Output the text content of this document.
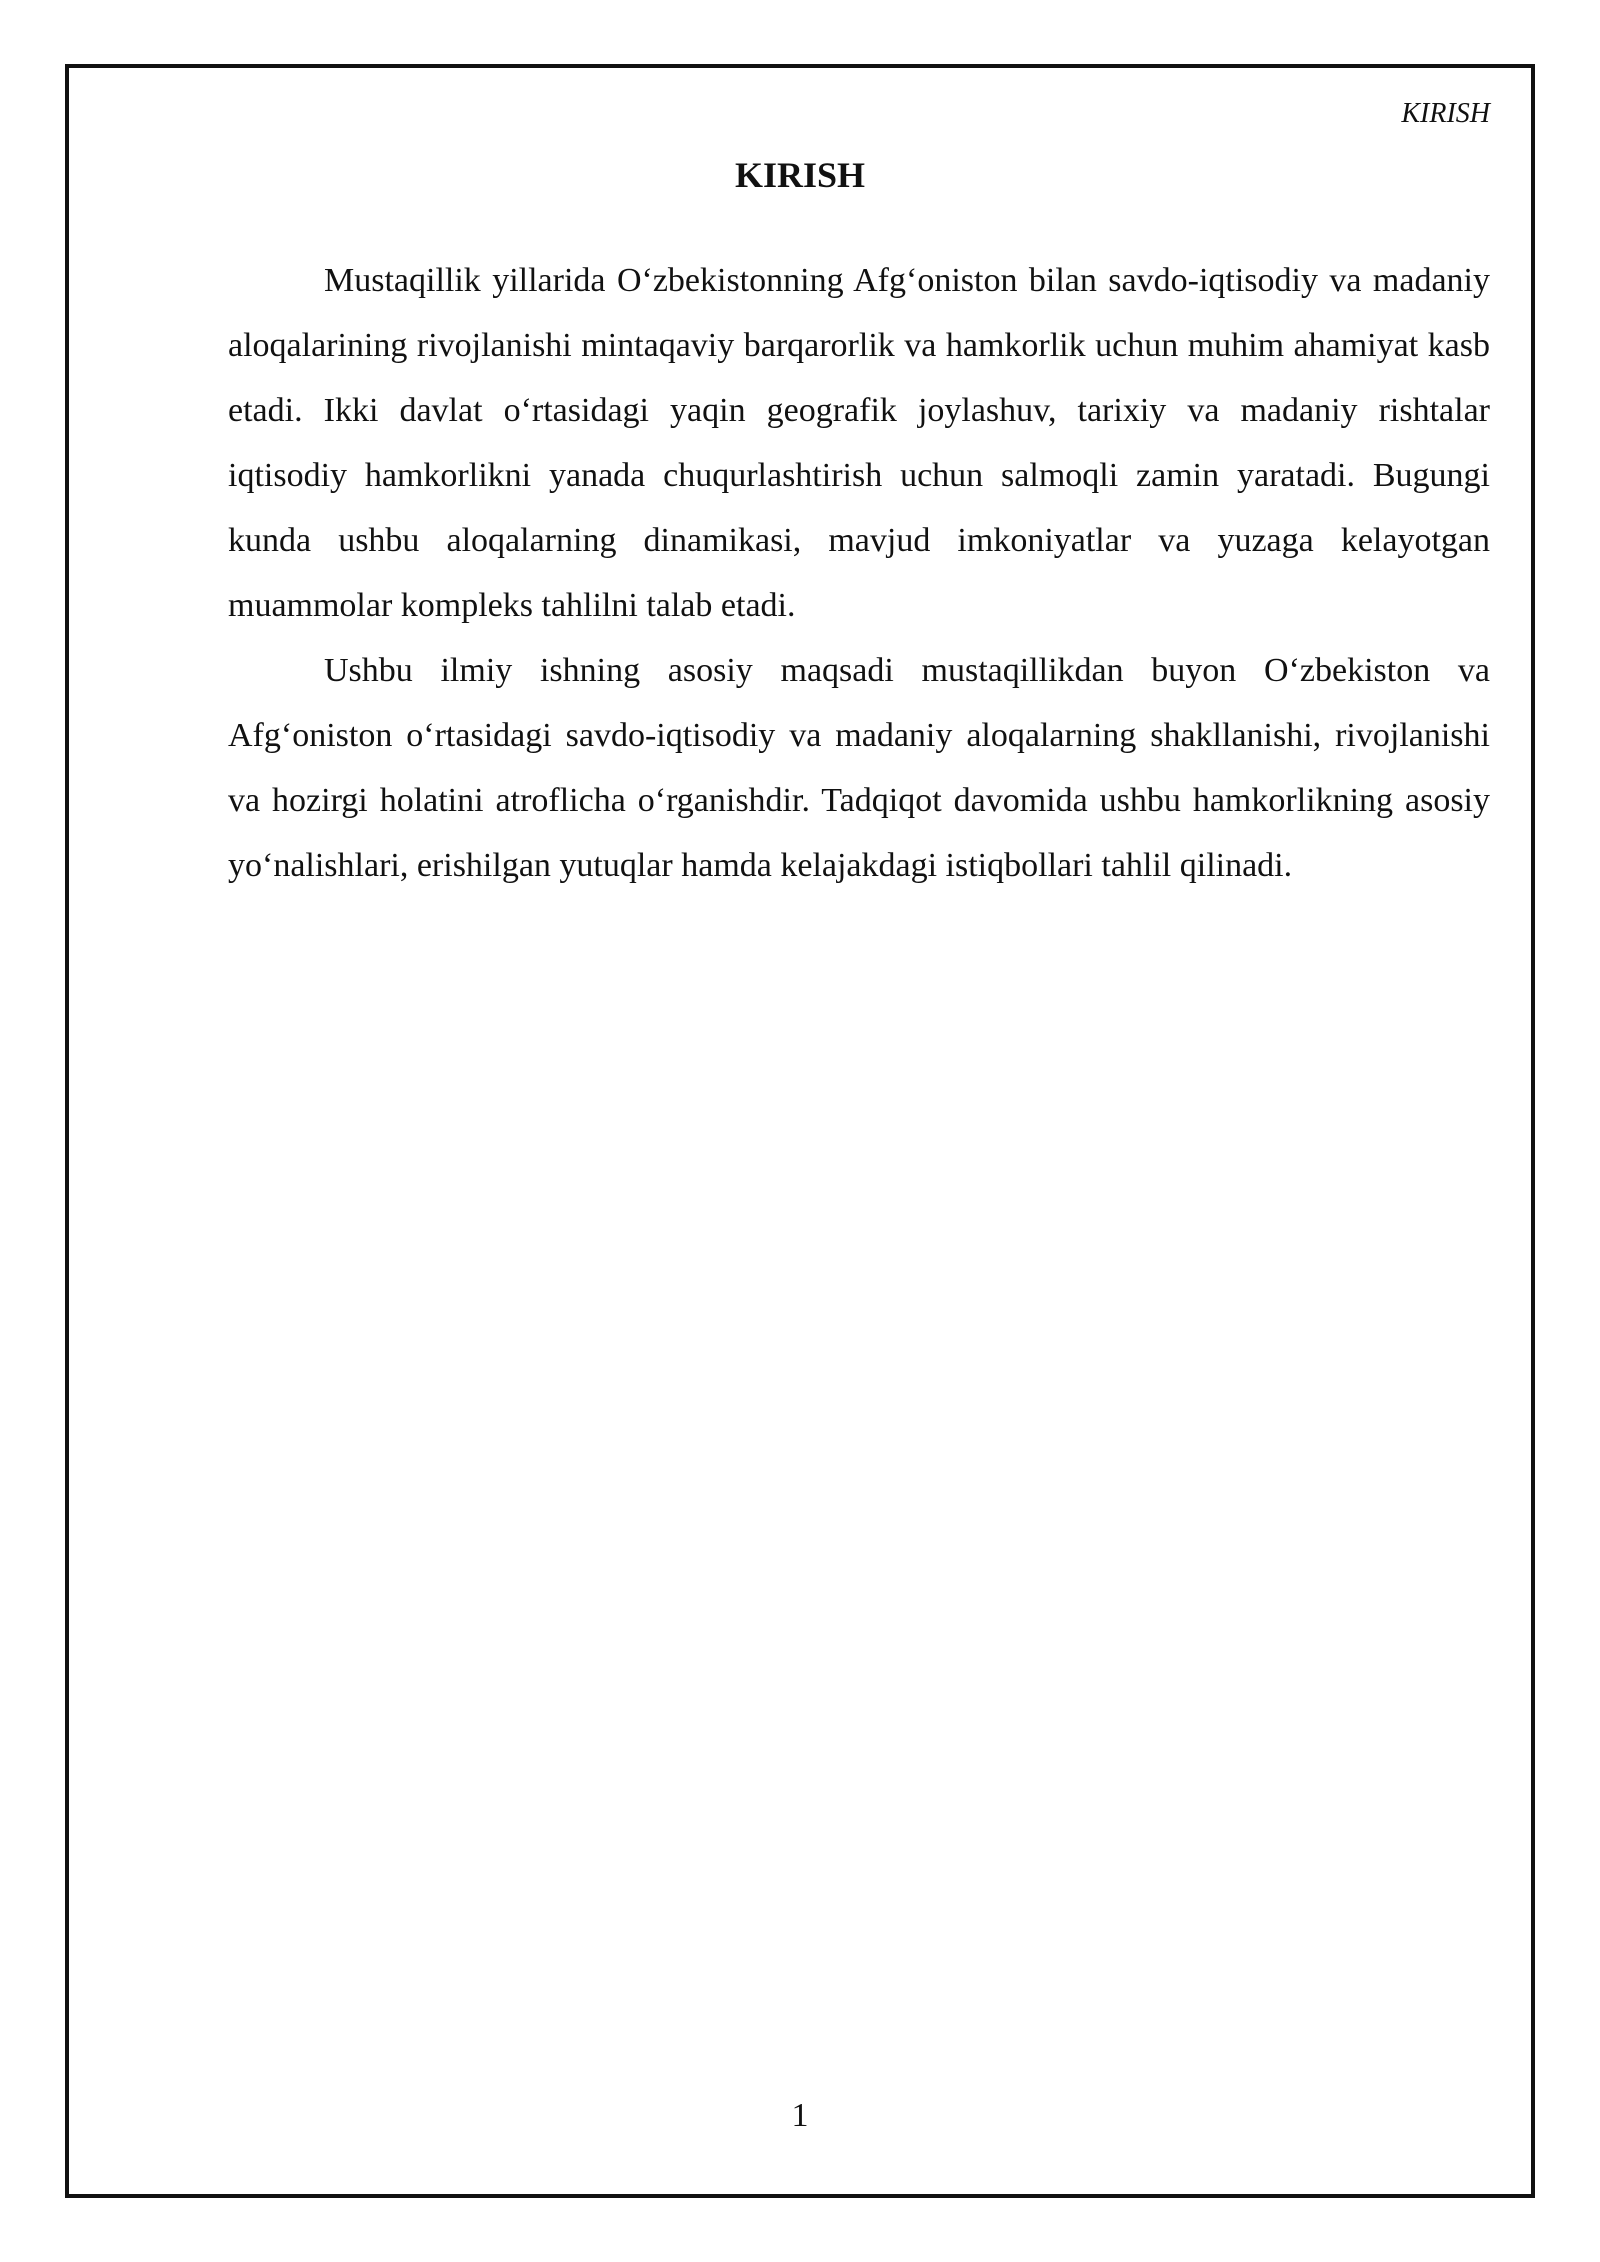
KIRISH

KIRISH

Mustaqillik yillarida O‘zbekistonning Afg‘oniston bilan savdo-iqtisodiy va madaniy aloqalarining rivojlanishi mintaqaviy barqarorlik va hamkorlik uchun muhim ahamiyat kasb etadi. Ikki davlat o‘rtasidagi yaqin geografik joylashuv, tarixiy va madaniy rishtalar iqtisodiy hamkorlikni yanada chuqurlashtirish uchun salmoqli zamin yaratadi. Bugungi kunda ushbu aloqalarning dinamikasi, mavjud imkoniyatlar va yuzaga kelayotgan muammolar kompleks tahlilni talab etadi.

Ushbu ilmiy ishning asosiy maqsadi mustaqillikdan buyon O‘zbekiston va Afg‘oniston o‘rtasidagi savdo-iqtisodiy va madaniy aloqalarning shakllanishi, rivojlanishi va hozirgi holatini atroflicha o‘rganishdir. Tadqiqot davomida ushbu hamkorlikning asosiy yo‘nalishlari, erishilgan yutuqlar hamda kelajakdagi istiqbollari tahlil qilinadi.

1
